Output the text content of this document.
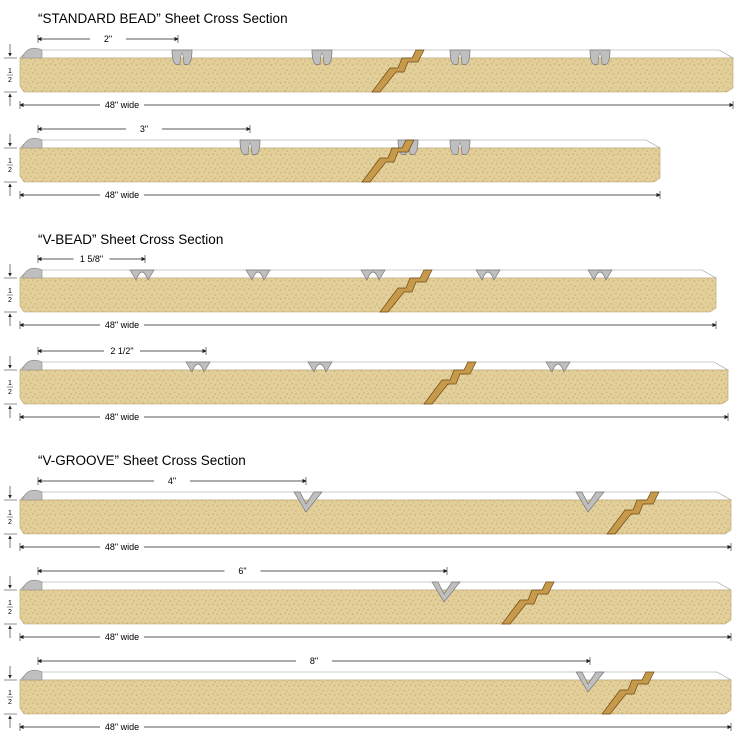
“STANDARD BEAD” Sheet Cross Section
“V-BEAD” Sheet Cross Section
“V-GROOVE” Sheet Cross Section
2"
48" wide
1
2
3"
48" wide
1
2
1 5/8"
48" wide
1
2
2 1/2"
48" wide
1
2
4"
48" wide
1
2
6"
48" wide
1
2
8"
48" wide
1
2
